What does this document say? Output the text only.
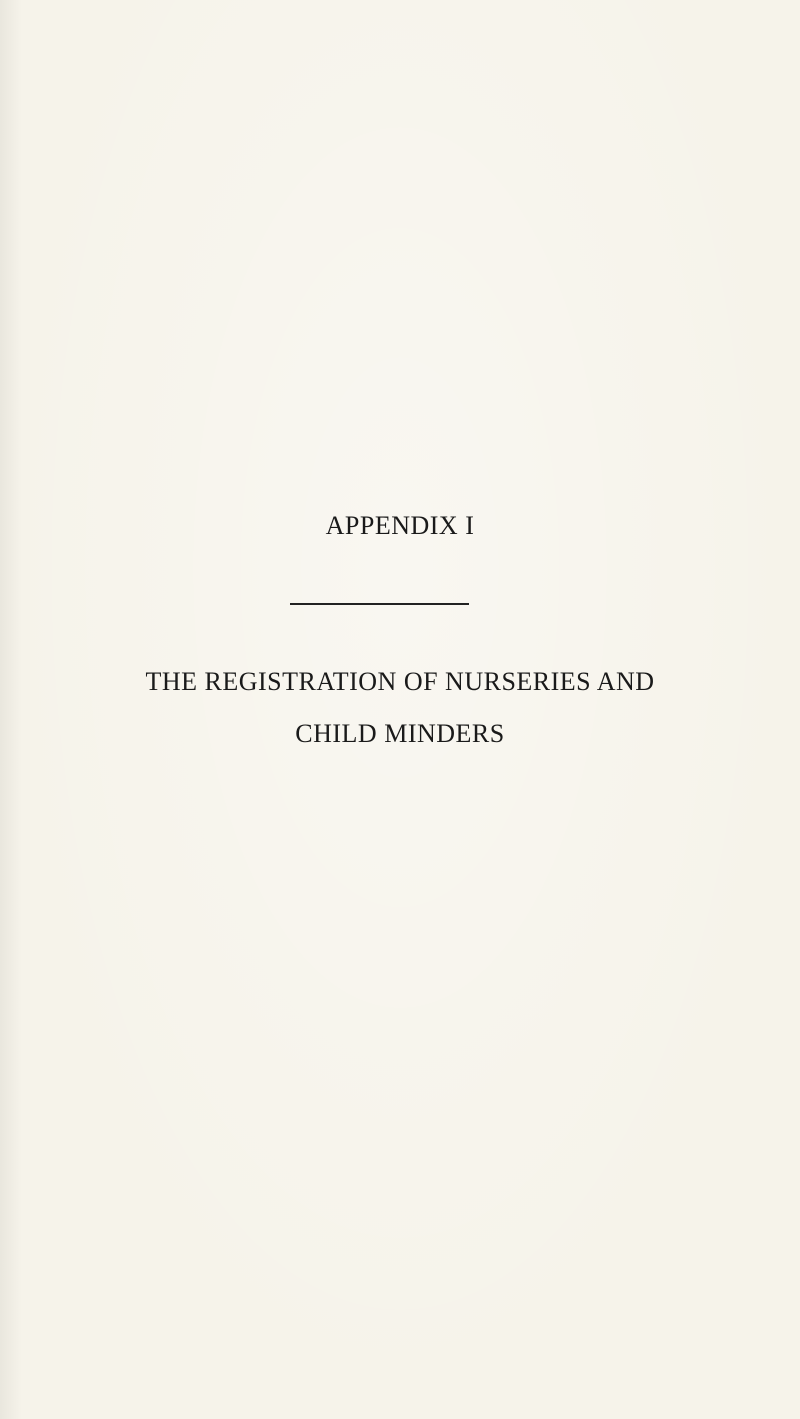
APPENDIX I
THE REGISTRATION OF NURSERIES AND
CHILD MINDERS
